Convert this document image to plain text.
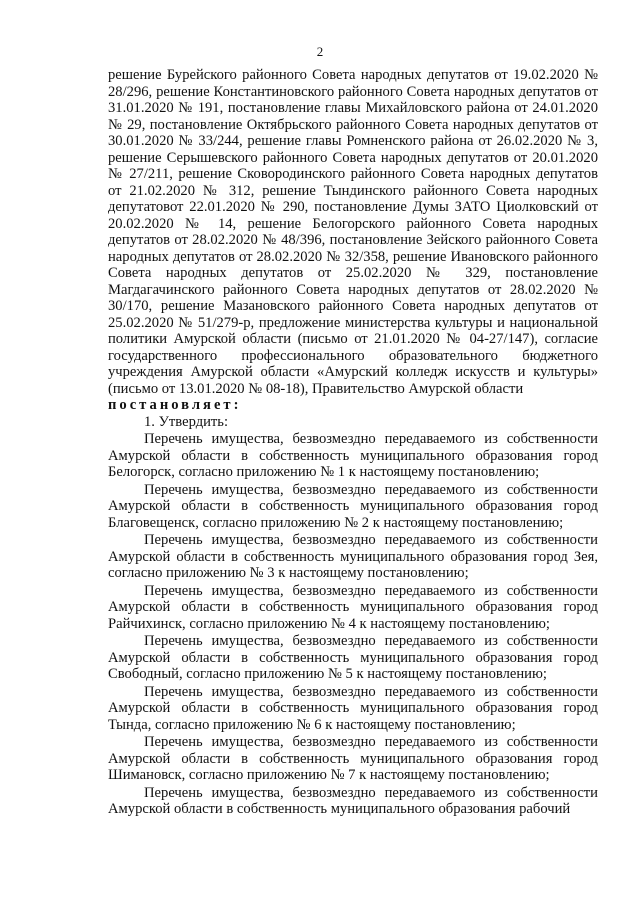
2

решение Бурейского районного Совета народных депутатов от 19.02.2020 № 28/296, решение Константиновского районного Совета народных депутатов от 31.01.2020 № 191, постановление главы Михайловского района от 24.01.2020 № 29, постановление Октябрьского районного Совета народных депутатов от 30.01.2020 № 33/244, решение главы Ромненского района от 26.02.2020 № 3, решение Серышевского районного Совета народных депутатов от 20.01.2020 № 27/211, решение Сковородинского районного Совета народных депутатов от 21.02.2020 № 312, решение Тындинского районного Совета народных депутатовот 22.01.2020 № 290, постановление Думы ЗАТО Циолковский от 20.02.2020 № 14, решение Белогорского районного Совета народных депутатов от 28.02.2020 № 48/396, постановление Зейского районного Совета народных депутатов от 28.02.2020 № 32/358, решение Ивановского районного Совета народных депутатов от 25.02.2020 № 329, постановление Магдагачинского районного Совета народных депутатов от 28.02.2020 № 30/170, решение Мазановского районного Совета народных депутатов от 25.02.2020 № 51/279-р, предложение министерства культуры и национальной политики Амурской области (письмо от 21.01.2020 № 04-27/147), согласие государственного профессионального образовательного бюджетного учреждения Амурской области «Амурский колледж искусств и культуры» (письмо от 13.01.2020 № 08-18), Правительство Амурской области

постановляет:

1. Утвердить:

Перечень имущества, безвозмездно передаваемого из собственности Амурской области в собственность муниципального образования город Белогорск, согласно приложению № 1 к настоящему постановлению;

Перечень имущества, безвозмездно передаваемого из собственности Амурской области в собственность муниципального образования город Благовещенск, согласно приложению № 2 к настоящему постановлению;

Перечень имущества, безвозмездно передаваемого из собственности Амурской области в собственность муниципального образования город Зея, согласно приложению № 3 к настоящему постановлению;

Перечень имущества, безвозмездно передаваемого из собственности Амурской области в собственность муниципального образования город Райчихинск, согласно приложению № 4 к настоящему постановлению;

Перечень имущества, безвозмездно передаваемого из собственности Амурской области в собственность муниципального образования город Свободный, согласно приложению № 5 к настоящему постановлению;

Перечень имущества, безвозмездно передаваемого из собственности Амурской области в собственность муниципального образования город Тында, согласно приложению № 6 к настоящему постановлению;

Перечень имущества, безвозмездно передаваемого из собственности Амурской области в собственность муниципального образования город Шимановск, согласно приложению № 7 к настоящему постановлению;

Перечень имущества, безвозмездно передаваемого из собственности Амурской области в собственность муниципального образования рабочий
